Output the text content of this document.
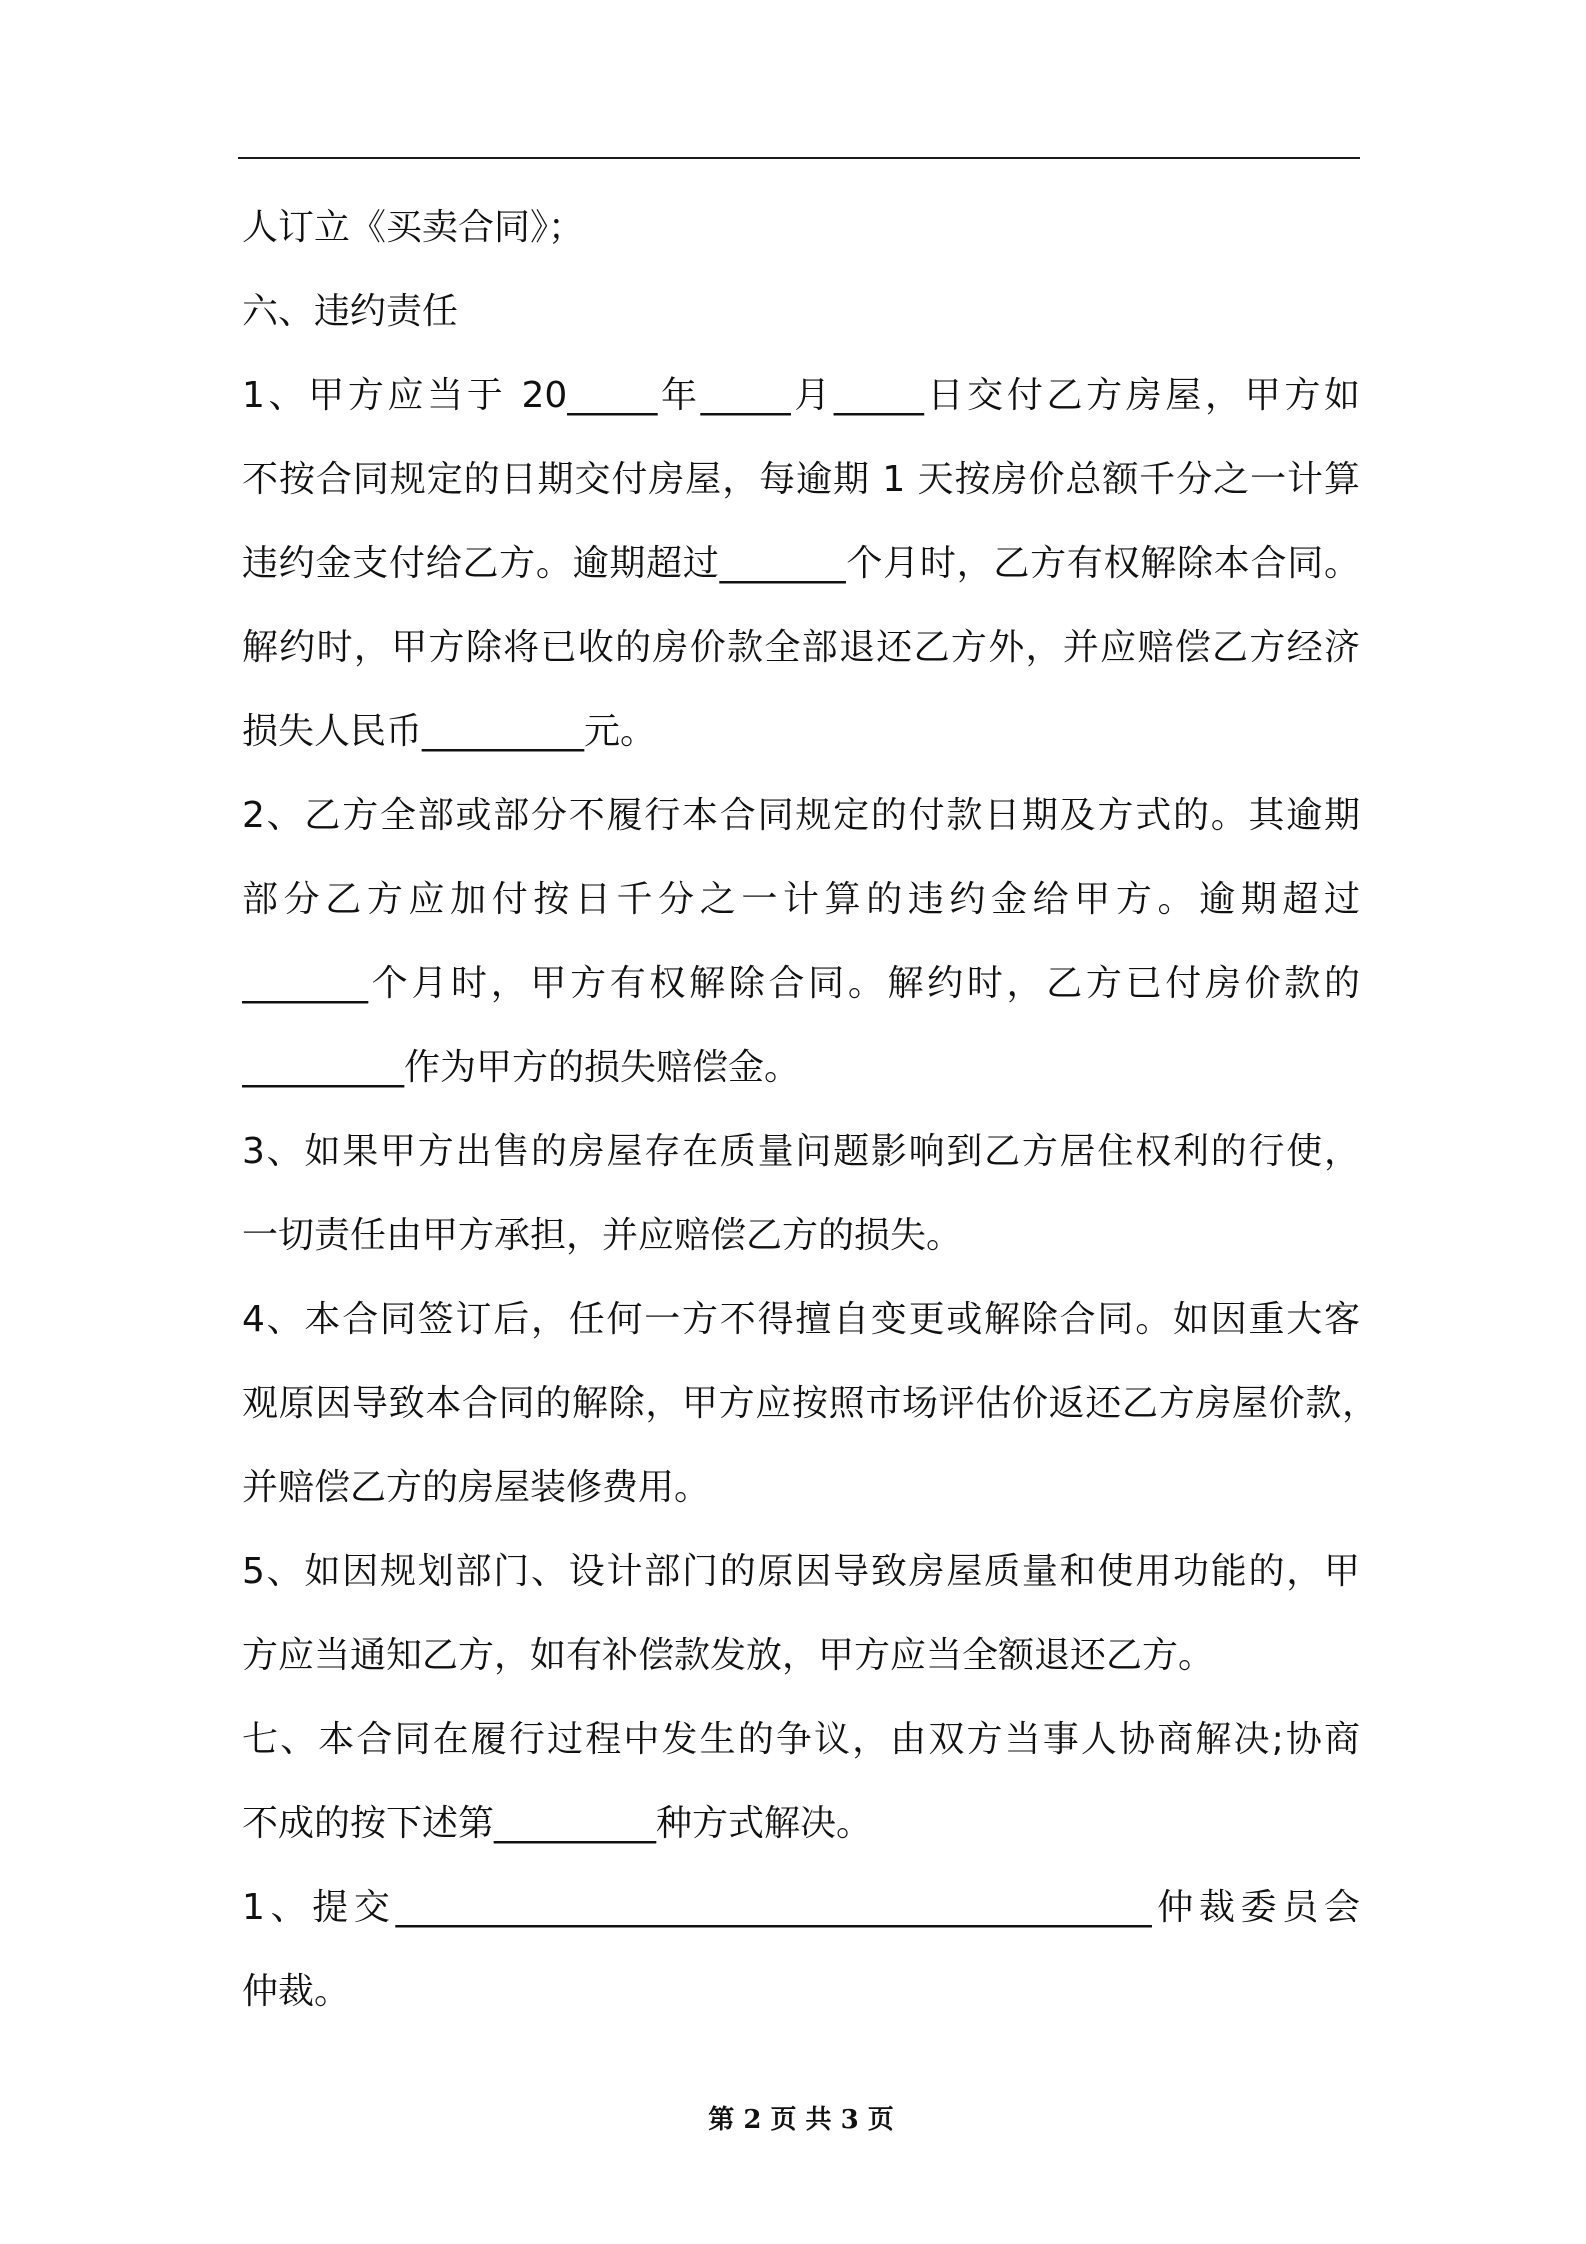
人订立《买卖合同》；
六、违约责任
1、甲方应当于 20_____年_____月_____日交付乙方房屋，甲方如
不按合同规定的日期交付房屋，每逾期 1 天按房价总额千分之一计算
违约金支付给乙方。逾期超过_______个月时，乙方有权解除本合同。
解约时，甲方除将已收的房价款全部退还乙方外，并应赔偿乙方经济
损失人民币_________元。
2、乙方全部或部分不履行本合同规定的付款日期及方式的。其逾期
部分乙方应加付按日千分之一计算的违约金给甲方。逾期超过
_______个月时，甲方有权解除合同。解约时，乙方已付房价款的
_________作为甲方的损失赔偿金。
3、如果甲方出售的房屋存在质量问题影响到乙方居住权利的行使，
一切责任由甲方承担，并应赔偿乙方的损失。
4、本合同签订后，任何一方不得擅自变更或解除合同。如因重大客
观原因导致本合同的解除，甲方应按照市场评估价返还乙方房屋价款，
并赔偿乙方的房屋装修费用。
5、如因规划部门、设计部门的原因导致房屋质量和使用功能的，甲
方应当通知乙方，如有补偿款发放，甲方应当全额退还乙方。
七、本合同在履行过程中发生的争议，由双方当事人协商解决;协商
不成的按下述第_________种方式解决。
1、提交__________________________________________仲裁委员会
仲裁。
第 2 页 共 3 页
